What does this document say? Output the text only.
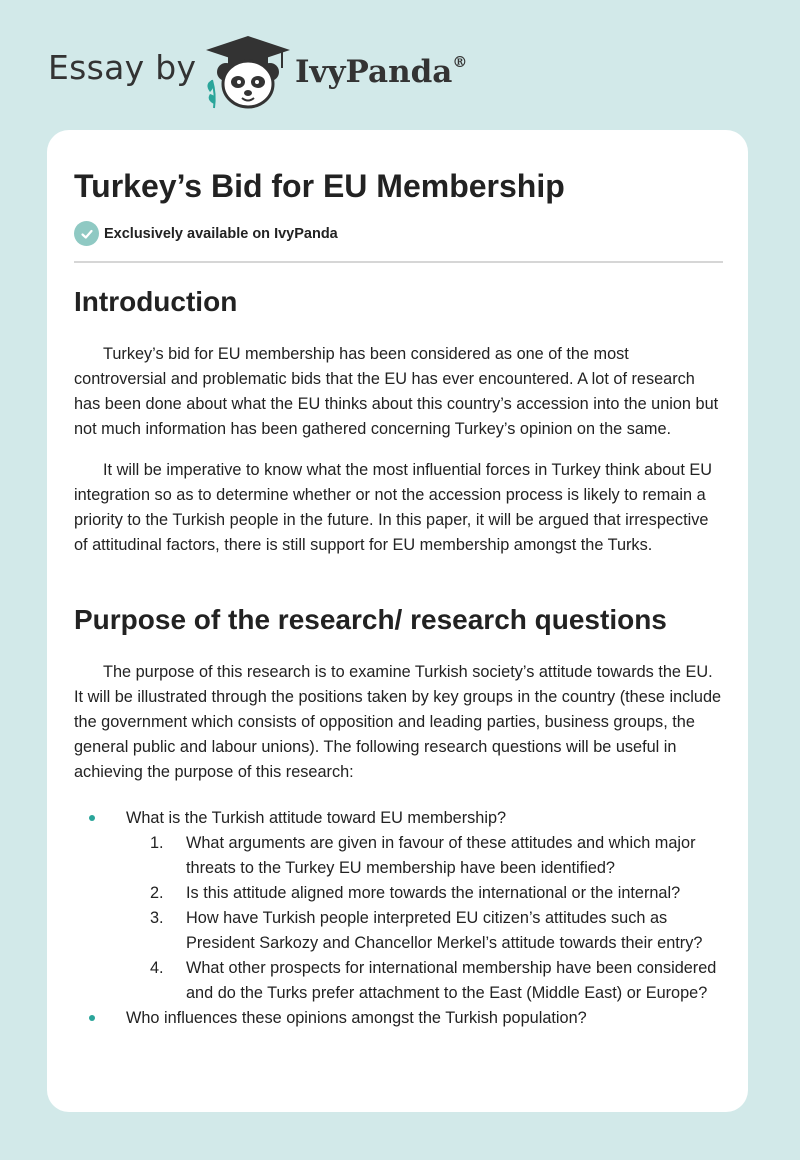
Essay by	IvyPanda®
Turkey’s Bid for EU Membership
Exclusively available on IvyPanda
Introduction

Turkey’s bid for EU membership has been considered as one of the most controversial and problematic bids that the EU has ever encountered. A lot of research has been done about what the EU thinks about this country’s accession into the union but not much information has been gathered concerning Turkey’s opinion on the same.

It will be imperative to know what the most influential forces in Turkey think about EU integration so as to determine whether or not the accession process is likely to remain a priority to the Turkish people in the future. In this paper, it will be argued that irrespective of attitudinal factors, there is still support for EU membership amongst the Turks.

Purpose of the research/ research questions

The purpose of this research is to examine Turkish society’s attitude towards the EU. It will be illustrated through the positions taken by key groups in the country (these include the government which consists of opposition and leading parties, business groups, the general public and labour unions). The following research questions will be useful in achieving the purpose of this research:

What is the Turkish attitude toward EU membership?
1. What arguments are given in favour of these attitudes and which major threats to the Turkey EU membership have been identified?
2. Is this attitude aligned more towards the international or the internal?
3. How have Turkish people interpreted EU citizen’s attitudes such as President Sarkozy and Chancellor Merkel’s attitude towards their entry?
4. What other prospects for international membership have been considered and do the Turks prefer attachment to the East (Middle East) or Europe?
Who influences these opinions amongst the Turkish population?
